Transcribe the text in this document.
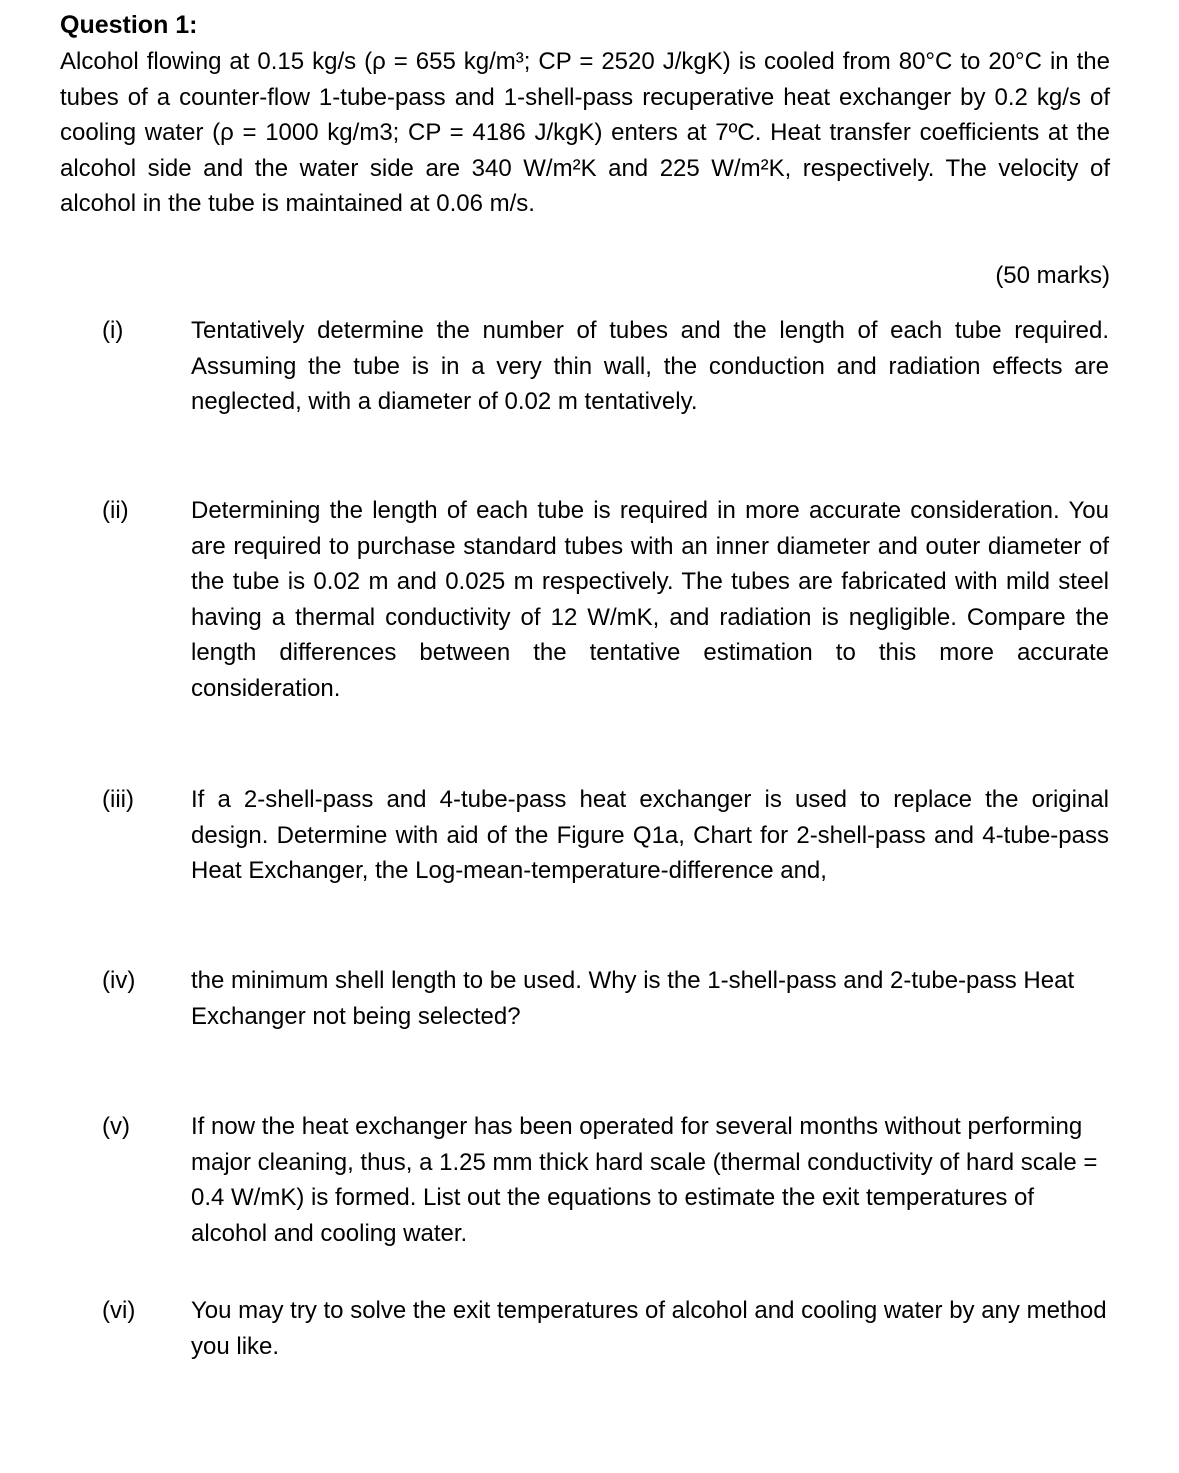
Question 1:
Alcohol flowing at 0.15 kg/s (ρ = 655 kg/m³; CP = 2520 J/kgK) is cooled from 80°C to 20°C in the tubes of a counter-flow 1-tube-pass and 1-shell-pass recuperative heat exchanger by 0.2 kg/s of cooling water (ρ = 1000 kg/m3; CP = 4186 J/kgK) enters at 7ºC. Heat transfer coefficients at the alcohol side and the water side are 340 W/m²K and 225 W/m²K, respectively. The velocity of alcohol in the tube is maintained at 0.06 m/s.
(50 marks)
(i)	Tentatively determine the number of tubes and the length of each tube required. Assuming the tube is in a very thin wall, the conduction and radiation effects are neglected, with a diameter of 0.02 m tentatively.
(ii)	Determining the length of each tube is required in more accurate consideration. You are required to purchase standard tubes with an inner diameter and outer diameter of the tube is 0.02 m and 0.025 m respectively. The tubes are fabricated with mild steel having a thermal conductivity of 12 W/mK, and radiation is negligible. Compare the length differences between the tentative estimation to this more accurate consideration.
(iii) If a 2-shell-pass and 4-tube-pass heat exchanger is used to replace the original design. Determine with aid of the Figure Q1a, Chart for 2-shell-pass and 4-tube-pass Heat Exchanger, the Log-mean-temperature-difference and,
(iv) the minimum shell length to be used. Why is the 1-shell-pass and 2-tube-pass Heat Exchanger not being selected?
(v)	If now the heat exchanger has been operated for several months without performing major cleaning, thus, a 1.25 mm thick hard scale (thermal conductivity of hard scale = 0.4 W/mK) is formed. List out the equations to estimate the exit temperatures of alcohol and cooling water.
(vi) You may try to solve the exit temperatures of alcohol and cooling water by any method you like.
